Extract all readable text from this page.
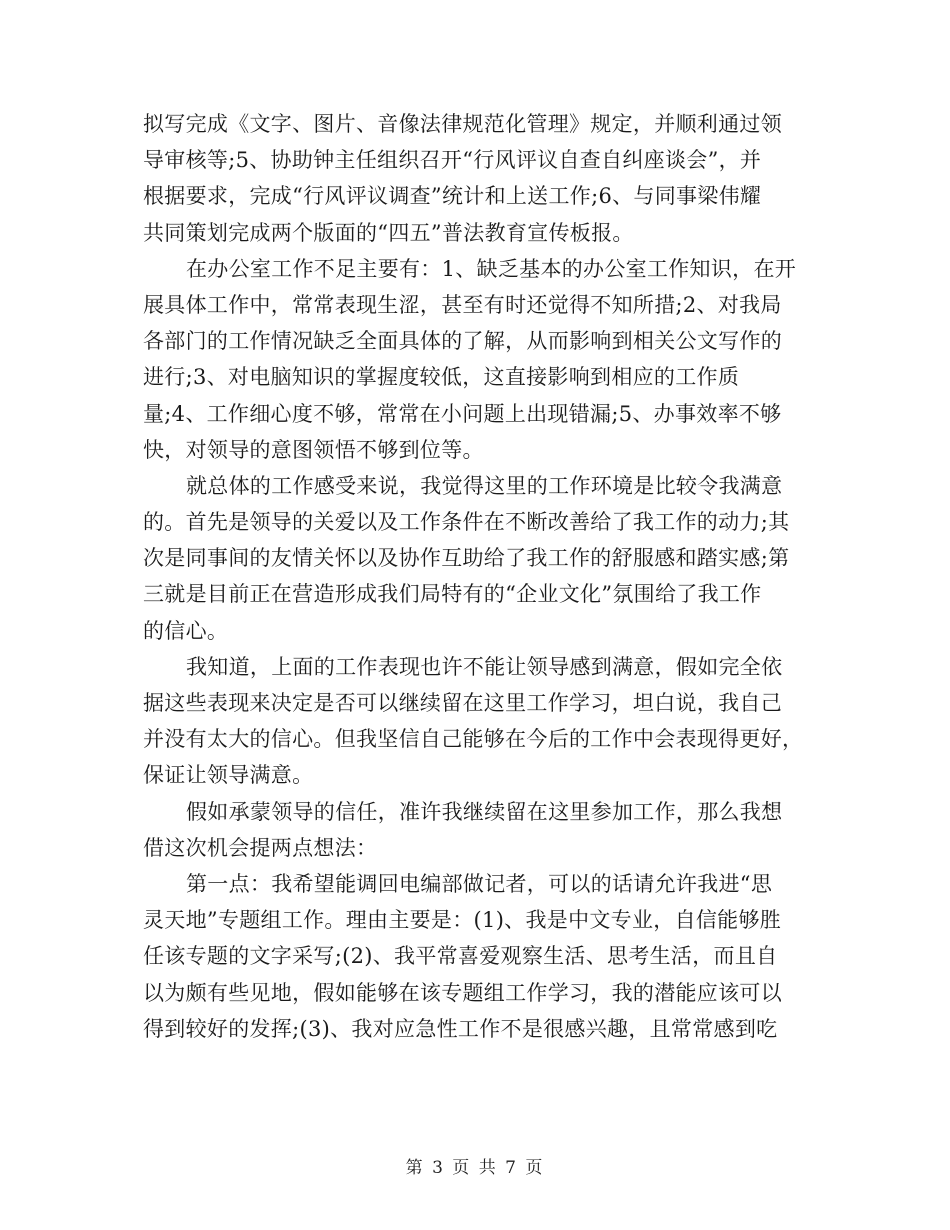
拟写完成《文字、图片、音像法律规范化管理》规定，并顺利通过领
导审核等;5、协助钟主任组织召开“行风评议自查自纠座谈会”，并
根据要求，完成“行风评议调查”统计和上送工作;6、与同事梁伟耀
共同策划完成两个版面的“四五”普法教育宣传板报。
在办公室工作不足主要有：1、缺乏基本的办公室工作知识，在开
展具体工作中，常常表现生涩，甚至有时还觉得不知所措;2、对我局
各部门的工作情况缺乏全面具体的了解，从而影响到相关公文写作的
进行;3、对电脑知识的掌握度较低，这直接影响到相应的工作质
量;4、工作细心度不够，常常在小问题上出现错漏;5、办事效率不够
快，对领导的意图领悟不够到位等。
就总体的工作感受来说，我觉得这里的工作环境是比较令我满意
的。首先是领导的关爱以及工作条件在不断改善给了我工作的动力;其
次是同事间的友情关怀以及协作互助给了我工作的舒服感和踏实感;第
三就是目前正在营造形成我们局特有的“企业文化”氛围给了我工作
的信心。
我知道，上面的工作表现也许不能让领导感到满意，假如完全依
据这些表现来决定是否可以继续留在这里工作学习，坦白说，我自己
并没有太大的信心。但我坚信自己能够在今后的工作中会表现得更好，
保证让领导满意。
假如承蒙领导的信任，准许我继续留在这里参加工作，那么我想
借这次机会提两点想法：
第一点：我希望能调回电编部做记者，可以的话请允许我进“思
灵天地”专题组工作。理由主要是：(1)、我是中文专业，自信能够胜
任该专题的文字采写;(2)、我平常喜爱观察生活、思考生活，而且自
以为颇有些见地，假如能够在该专题组工作学习，我的潜能应该可以
得到较好的发挥;(3)、我对应急性工作不是很感兴趣，且常常感到吃
第 3 页 共 7 页
